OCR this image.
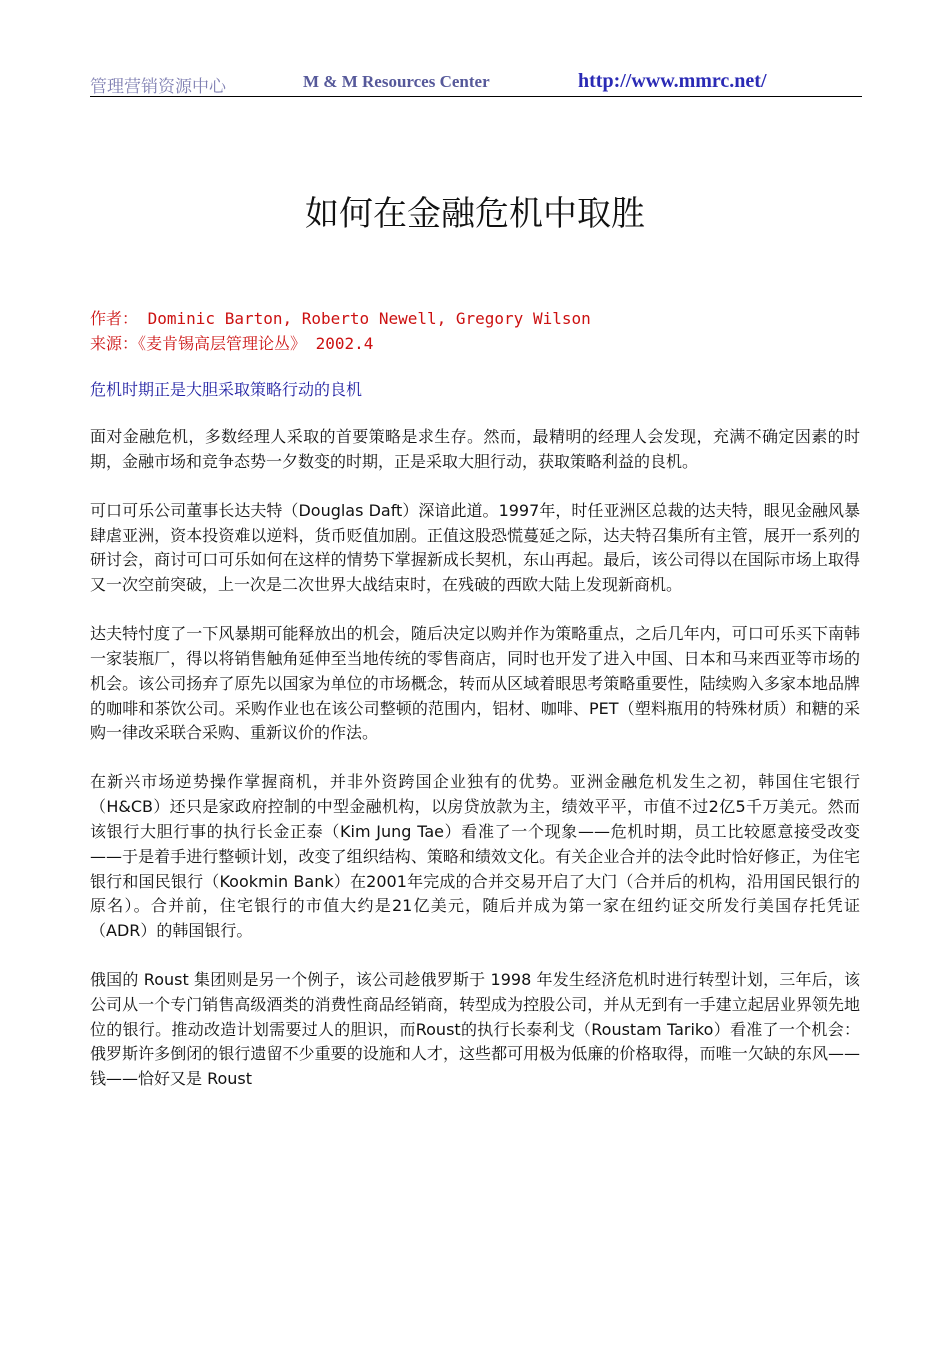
管理营销资源中心	M & M Resources Center	http://www.mmrc.net/
如何在金融危机中取胜
作者： Dominic Barton, Roberto Newell, Gregory Wilson
来源：《麦肯锡高层管理论丛》 2002.4
危机时期正是大胆采取策略行动的良机

面对金融危机，多数经理人采取的首要策略是求生存。然而，最精明的经理人会发现，充满不确定因素的时期，金融市场和竞争态势一夕数变的时期，正是采取大胆行动，获取策略利益的良机。

可口可乐公司董事长达夫特（Douglas Daft）深谙此道。1997年，时任亚洲区总裁的达夫特，眼见金融风暴肆虐亚洲，资本投资难以逆料，货币贬值加剧。正值这股恐慌蔓延之际，达夫特召集所有主管，展开一系列的研讨会，商讨可口可乐如何在这样的情势下掌握新成长契机，东山再起。最后，该公司得以在国际市场上取得又一次空前突破，上一次是二次世界大战结束时，在残破的西欧大陆上发现新商机。

达夫特忖度了一下风暴期可能释放出的机会，随后决定以购并作为策略重点，之后几年内，可口可乐买下南韩一家装瓶厂，得以将销售触角延伸至当地传统的零售商店，同时也开发了进入中国、日本和马来西亚等市场的机会。该公司扬弃了原先以国家为单位的市场概念，转而从区域着眼思考策略重要性，陆续购入多家本地品牌的咖啡和茶饮公司。采购作业也在该公司整顿的范围内，铝材、咖啡、PET（塑料瓶用的特殊材质）和糖的采购一律改采联合采购、重新议价的作法。

在新兴市场逆势操作掌握商机，并非外资跨国企业独有的优势。亚洲金融危机发生之初，韩国住宅银行（H&CB）还只是家政府控制的中型金融机构，以房贷放款为主，绩效平平，市值不过2亿5千万美元。然而该银行大胆行事的执行长金正泰（Kim Jung Tae）看准了一个现象——危机时期，员工比较愿意接受改变——于是着手进行整顿计划，改变了组织结构、策略和绩效文化。有关企业合并的法令此时恰好修正，为住宅银行和国民银行（Kookmin Bank）在2001年完成的合并交易开启了大门（合并后的机构，沿用国民银行的原名）。合并前，住宅银行的市值大约是21亿美元，随后并成为第一家在纽约证交所发行美国存托凭证（ADR）的韩国银行。

俄国的 Roust 集团则是另一个例子，该公司趁俄罗斯于 1998 年发生经济危机时进行转型计划，三年后，该公司从一个专门销售高级酒类的消费性商品经销商，转型成为控股公司，并从无到有一手建立起居业界领先地位的银行。推动改造计划需要过人的胆识，而Roust的执行长泰利戈（Roustam Tariko）看准了一个机会：俄罗斯许多倒闭的银行遗留不少重要的设施和人才，这些都可用极为低廉的价格取得，而唯一欠缺的东风——钱——恰好又是 Roust
